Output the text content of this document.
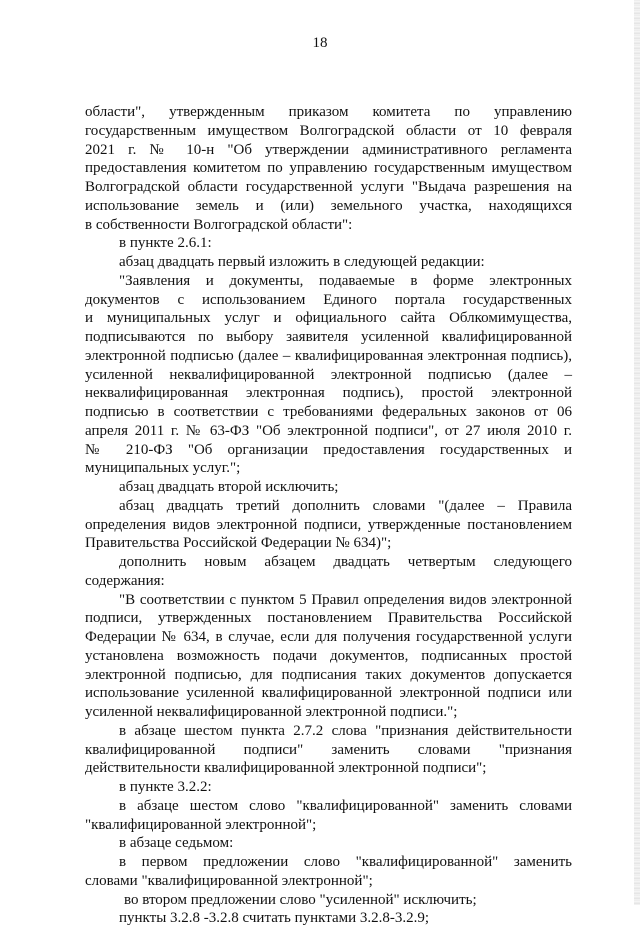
18
области", утвержденным приказом комитета по управлению
государственным имуществом Волгоградской области от 10 февраля
2021 г. № 10-н "Об утверждении административного регламента
предоставления комитетом по управлению государственным имуществом
Волгоградской области государственной услуги "Выдача разрешения на
использование земель и (или) земельного участка, находящихся
в собственности Волгоградской области":
в пункте 2.6.1:
абзац двадцать первый изложить в следующей редакции:
"Заявления и документы, подаваемые в форме электронных
документов с использованием Единого портала государственных
и муниципальных услуг и официального сайта Облкомимущества,
подписываются по выбору заявителя усиленной квалифицированной
электронной подписью (далее – квалифицированная электронная подпись),
усиленной неквалифицированной электронной подписью (далее –
неквалифицированная электронная подпись), простой электронной
подписью в соответствии с требованиями федеральных законов от 06
апреля 2011 г. № 63-ФЗ "Об электронной подписи", от 27 июля 2010 г.
№ 210-ФЗ "Об организации предоставления государственных и
муниципальных услуг.";
абзац двадцать второй исключить;
абзац двадцать третий дополнить словами "(далее – Правила
определения видов электронной подписи, утвержденные постановлением
Правительства Российской Федерации № 634)";
дополнить новым абзацем двадцать четвертым следующего
содержания:
"В соответствии с пунктом 5 Правил определения видов электронной
подписи, утвержденных постановлением Правительства Российской
Федерации № 634, в случае, если для получения государственной услуги
установлена возможность подачи документов, подписанных простой
электронной подписью, для подписания таких документов допускается
использование усиленной квалифицированной электронной подписи или
усиленной неквалифицированной электронной подписи.";
в абзаце шестом пункта 2.7.2 слова "признания действительности
квалифицированной подписи" заменить словами "признания
действительности квалифицированной электронной подписи";
в пункте 3.2.2:
в абзаце шестом слово "квалифицированной" заменить словами
"квалифицированной электронной";
в абзаце седьмом:
в первом предложении слово "квалифицированной" заменить
словами "квалифицированной электронной";
во втором предложении слово "усиленной" исключить;
пункты 3.2.8 -3.2.8 считать пунктами 3.2.8-3.2.9;
